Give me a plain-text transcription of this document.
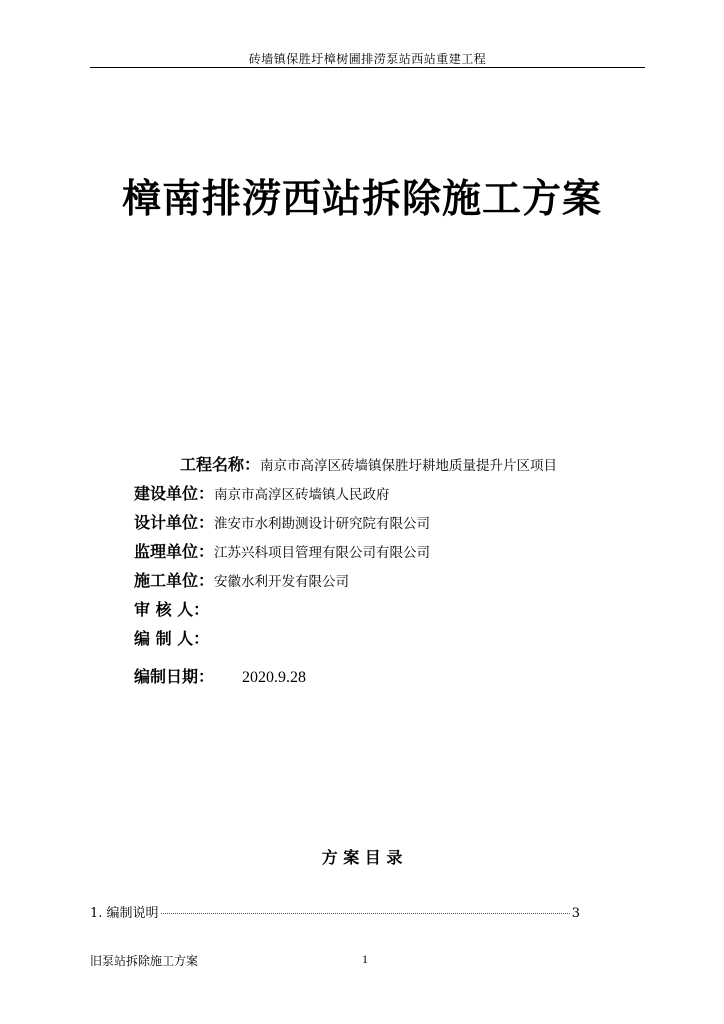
砖墙镇保胜圩樟树圃排涝泵站西站重建工程
樟南排涝西站拆除施工方案
工程名称：南京市高淳区砖墙镇保胜圩耕地质量提升片区项目
建设单位：南京市高淳区砖墙镇人民政府
设计单位：淮安市水利勘测设计研究院有限公司
监理单位：江苏兴科项目管理有限公司有限公司
施工单位：安徽水利开发有限公司
审 核 人：
编 制 人：
编制日期： 2020.9.28
方 案 目 录
1. 编制说明	3
旧泵站拆除施工方案	1
